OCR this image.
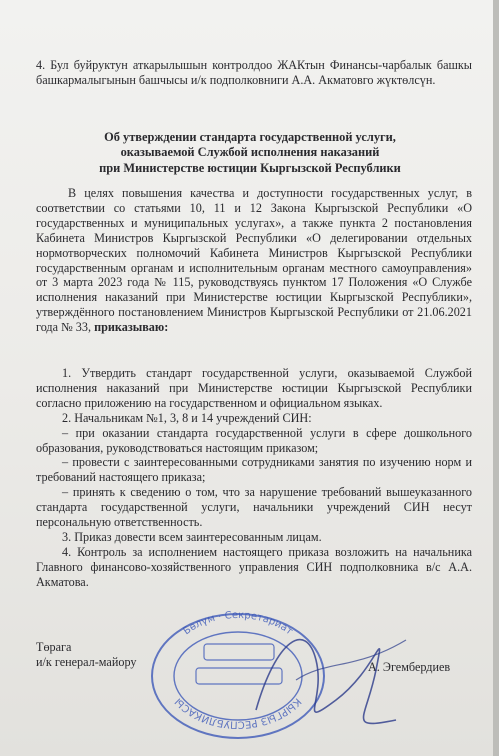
4. Бул буйруктун аткарылышын контролдоо ЖАКтын Финансы-чарбалык башкы башкармалыгынын башчысы и/к подполковниги А.А. Акматовго жүктөлсүн.
Об утверждении стандарта государственной услуги,
оказываемой Службой исполнения наказаний
при Министерстве юстиции Кыргызской Республики
В целях повышения качества и доступности государственных услуг, в соответствии со статьями 10, 11 и 12 Закона Кыргызской Республики «О государственных и муниципальных услугах», а также пункта 2 постановления Кабинета Министров Кыргызской Республики «О делегировании отдельных нормотворческих полномочий Кабинета Министров Кыргызской Республики государственным органам и исполнительным органам местного самоуправления» от 3 марта 2023 года № 115, руководствуясь пунктом 17 Положения «О Службе исполнения наказаний при Министерстве юстиции Кыргызской Республики», утверждённого постановлением Министров Кыргызской Республики от 21.06.2021 года № 33, приказываю:

1. Утвердить стандарт государственной услуги, оказываемой Службой исполнения наказаний при Министерстве юстиции Кыргызской Республики согласно приложению на государственном и официальном языках.

2. Начальникам №1, 3, 8 и 14 учреждений СИН:

– при оказании стандарта государственной услуги в сфере дошкольного образования, руководствоваться настоящим приказом;

– провести с заинтересованными сотрудниками занятия по изучению норм и требований настоящего приказа;

– принять к сведению о том, что за нарушение требований вышеуказанного стандарта государственной услуги, начальники учреждений СИН несут персональную ответственность.

3. Приказ довести всем заинтересованным лицам.

4. Контроль за исполнением настоящего приказа возложить на начальника Главного финансово-хозяйственного управления СИН подполковника в/с А.А. Акматова.

Төрага
и/к генерал-майору	А. Эгембердиев
Бөлүм · Секретариат
КЫРГЫЗ РЕСПУБЛИКАСЫ
